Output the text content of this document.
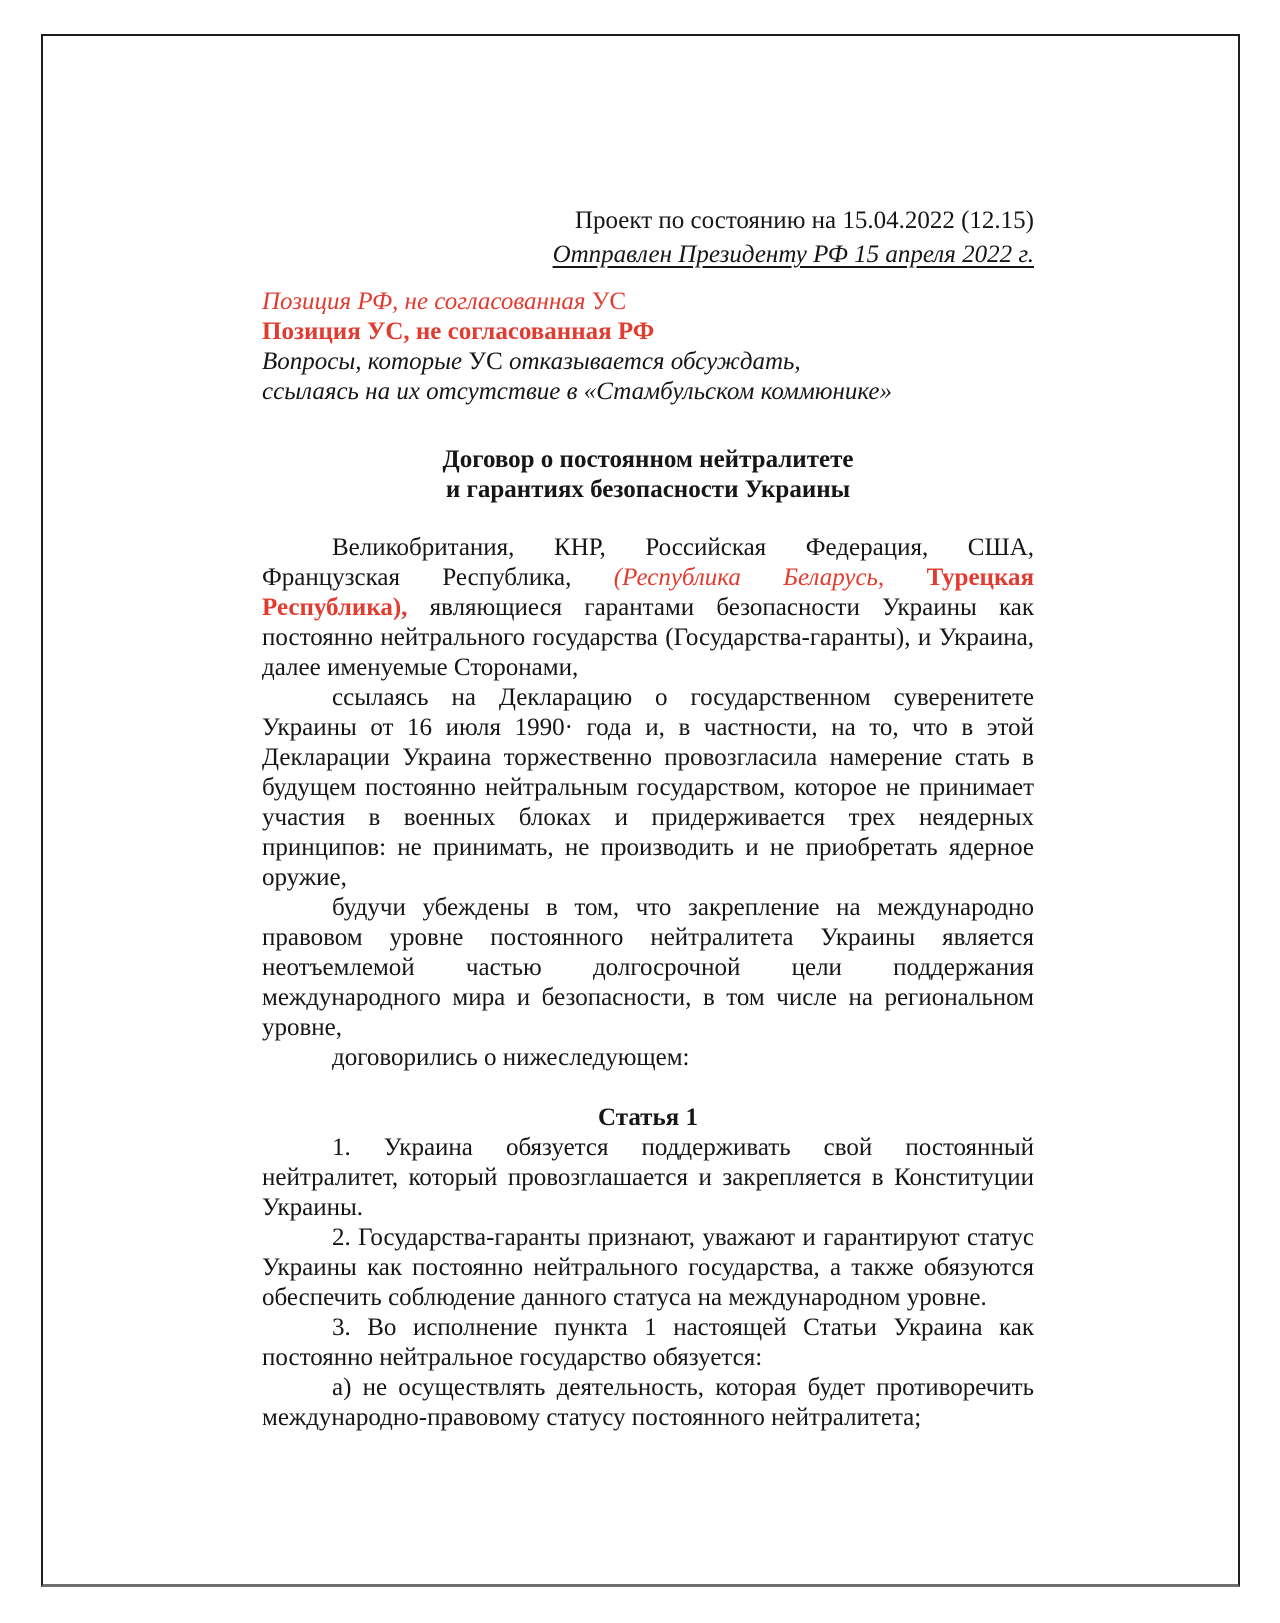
Проект по состоянию на 15.04.2022 (12.15)
Отправлен Президенту РФ 15 апреля 2022 г.
Позиция РФ, не согласованная УС
Позиция УС, не согласованная РФ
Вопросы, которые УС отказывается обсуждать,
ссылаясь на их отсутствие в «Стамбульском коммюнике»
Договор о постоянном нейтралитете
и гарантиях безопасности Украины

Великобритания, КНР, Российская Федерация, США, Французская Республика, (Республика Беларусь, Турецкая Республика), являющиеся гарантами безопасности Украины как постоянно нейтрального государства (Государства-гаранты), и Украина, далее именуемые Сторонами,

ссылаясь на Декларацию о государственном суверенитете Украины от 16 июля 1990· года и, в частности, на то, что в этой Декларации Украина торжественно провозгласила намерение стать в будущем постоянно нейтральным государством, которое не принимает участия в военных блоках и придерживается трех неядерных принципов: не принимать, не производить и не приобретать ядерное оружие,

будучи убеждены в том, что закрепление на международно правовом уровне постоянного нейтралитета Украины является неотъемлемой частью долгосрочной цели поддержания международного мира и безопасности, в том числе на региональном уровне,

договорились о нижеследующем:

Статья 1

1. Украина обязуется поддерживать свой постоянный нейтралитет, который провозглашается и закрепляется в Конституции Украины.

2. Государства-гаранты признают, уважают и гарантируют статус Украины как постоянно нейтрального государства, а также обязуются обеспечить соблюдение данного статуса на международном уровне.

3. Во исполнение пункта 1 настоящей Статьи Украина как постоянно нейтральное государство обязуется:

а) не осуществлять деятельность, которая будет противоречить международно-правовому статусу постоянного нейтралитета;
